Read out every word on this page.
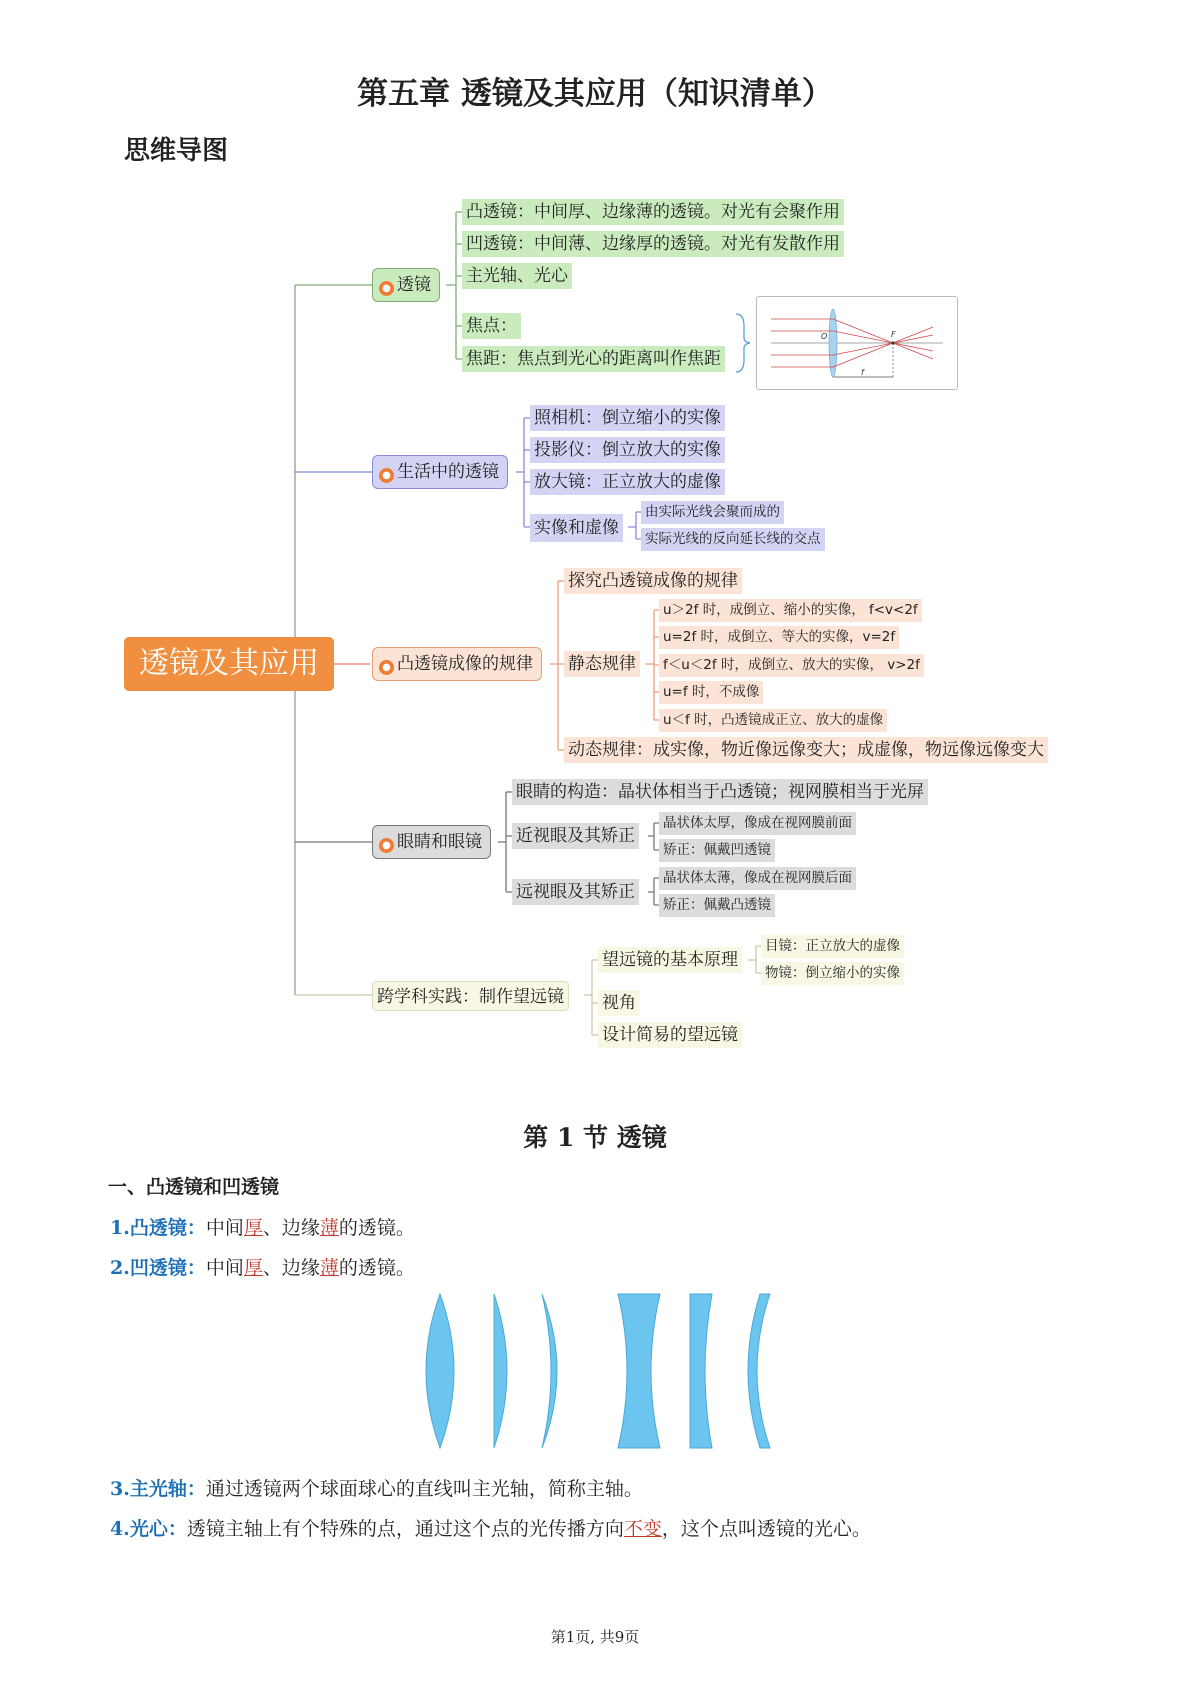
第五章 透镜及其应用（知识清单）
思维导图
透镜及其应用
● 透镜
凸透镜：中间厚、边缘薄的透镜。对光有会聚作用
凹透镜：中间薄、边缘厚的透镜。对光有发散作用
主光轴、光心
焦点：
焦距：焦点到光心的距离叫作焦距
O	F
f
● 生活中的透镜
照相机：倒立缩小的实像
投影仪：倒立放大的实像
放大镜：正立放大的虚像
实像和虚像
由实际光线会聚而成的
实际光线的反向延长线的交点
● 凸透镜成像的规律
探究凸透镜成像的规律
静态规律
u＞2f 时，成倒立、缩小的实像， f<v<2f
u=2f 时，成倒立、等大的实像，v=2f
f＜u＜2f 时，成倒立、放大的实像， v>2f
u=f 时，不成像
u＜f 时，凸透镜成正立、放大的虚像
动态规律：成实像，物近像远像变大；成虚像，物远像远像变大
● 眼睛和眼镜
眼睛的构造：晶状体相当于凸透镜；视网膜相当于光屏
近视眼及其矫正
晶状体太厚，像成在视网膜前面
矫正：佩戴凹透镜
远视眼及其矫正
晶状体太薄，像成在视网膜后面
矫正：佩戴凸透镜
跨学科实践：制作望远镜
望远镜的基本原理
目镜：正立放大的虚像
物镜：倒立缩小的实像
视角
设计简易的望远镜
第 1 节 透镜
一、凸透镜和凹透镜
1.凸透镜：中间厚、边缘薄的透镜。
2.凹透镜：中间厚、边缘薄的透镜。
3.主光轴：通过透镜两个球面球心的直线叫主光轴，简称主轴。
4.光心：透镜主轴上有个特殊的点，通过这个点的光传播方向不变，这个点叫透镜的光心。
第1页, 共9页
